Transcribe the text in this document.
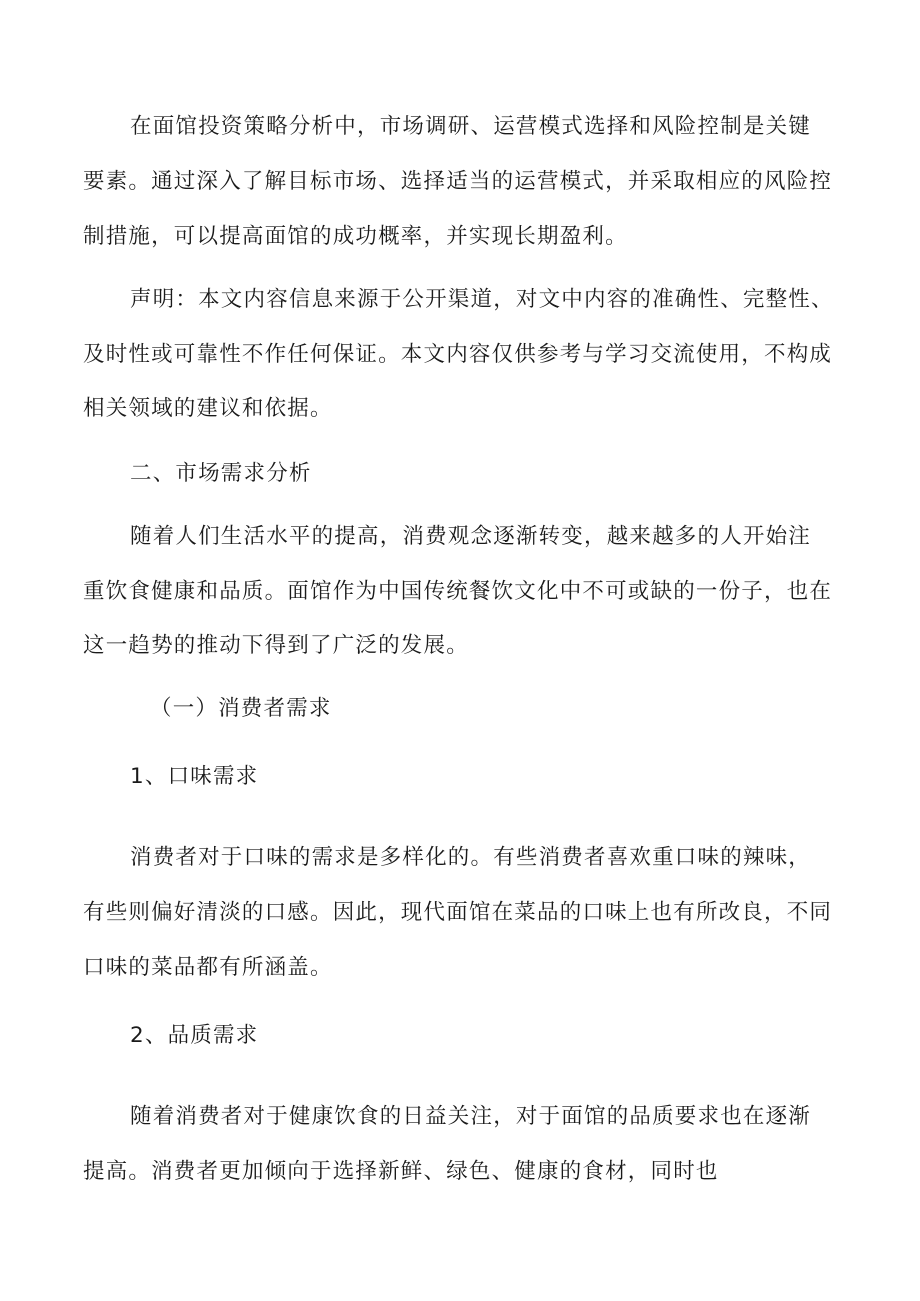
在面馆投资策略分析中，市场调研、运营模式选择和风险控制是关键
要素。通过深入了解目标市场、选择适当的运营模式，并采取相应的风险控
制措施，可以提高面馆的成功概率，并实现长期盈利。
声明：本文内容信息来源于公开渠道，对文中内容的准确性、完整性、
及时性或可靠性不作任何保证。本文内容仅供参考与学习交流使用，不构成
相关领域的建议和依据。
二、市场需求分析
随着人们生活水平的提高，消费观念逐渐转变，越来越多的人开始注
重饮食健康和品质。面馆作为中国传统餐饮文化中不可或缺的一份子，也在
这一趋势的推动下得到了广泛的发展。
（一）消费者需求
1、口味需求
消费者对于口味的需求是多样化的。有些消费者喜欢重口味的辣味，
有些则偏好清淡的口感。因此，现代面馆在菜品的口味上也有所改良，不同
口味的菜品都有所涵盖。
2、品质需求
随着消费者对于健康饮食的日益关注，对于面馆的品质要求也在逐渐
提高。消费者更加倾向于选择新鲜、绿色、健康的食材，同时也
